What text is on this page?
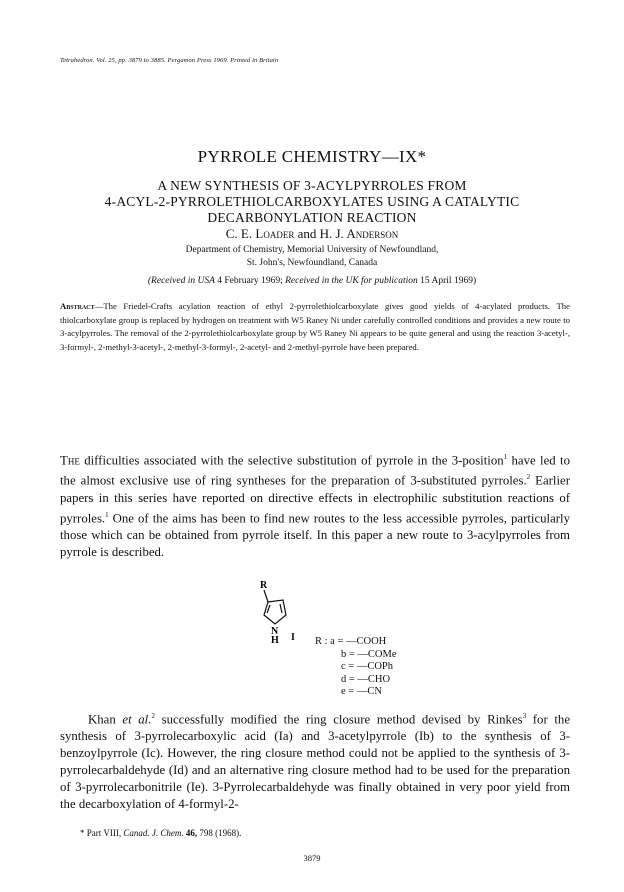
Tetrahedron. Vol. 25, pp. 3879 to 3885. Pergamon Press 1969. Printed in Britain
PYRROLE CHEMISTRY—IX*
A NEW SYNTHESIS OF 3-ACYLPYRROLES FROM
4-ACYL-2-PYRROLETHIOLCARBOXYLATES USING A CATALYTIC
DECARBONYLATION REACTION
C. E. Loader and H. J. Anderson
Department of Chemistry, Memorial University of Newfoundland,
St. John's, Newfoundland, Canada
(Received in USA 4 February 1969; Received in the UK for publication 15 April 1969)
Abstract—The Friedel-Crafts acylation reaction of ethyl 2-pyrrolethiolcarboxylate gives good yields of 4-acylated products. The thiolcarboxylate group is replaced by hydrogen on treatment with W5 Raney Ni under carefully controlled conditions and provides a new route to 3-acylpyrroles. The removal of the 2-pyrrolethiolcarboxylate group by W5 Raney Ni appears to be quite general and using the reaction 3-acetyl-, 3-formyl-, 2-methyl-3-acetyl-, 2-methyl-3-formyl-, 2-acetyl- and 2-methyl-pyrrole have been prepared.
The difficulties associated with the selective substitution of pyrrole in the 3-position$^1$ have led to the almost exclusive use of ring syntheses for the preparation of 3-substituted pyrroles.$^2$ Earlier papers in this series have reported on directive effects in electrophilic substitution reactions of pyrroles.$^1$ One of the aims has been to find new routes to the less accessible pyrroles, particularly those which can be obtained from pyrrole itself. In this paper a new route to 3-acylpyrroles from pyrrole is described.
R
N
H I R : a = —COOH
b = —COMe
c = —COPh
d = —CHO
e = —CN
Khan et al.$^2$ successfully modified the ring closure method devised by Rinkes$^3$ for the synthesis of 3-pyrrolecarboxylic acid (Ia) and 3-acetylpyrrole (Ib) to the synthesis of 3-benzoylpyrrole (Ic). However, the ring closure method could not be applied to the synthesis of 3-pyrrolecarbaldehyde (Id) and an alternative ring closure method had to be used for the preparation of 3-pyrrolecarbonitrile (Ie). 3-Pyrrolecarbaldehyde was finally obtained in very poor yield from the decarboxylation of 4-formyl-2-
* Part VIII, Canad. J. Chem. 46, 798 (1968).
3879
